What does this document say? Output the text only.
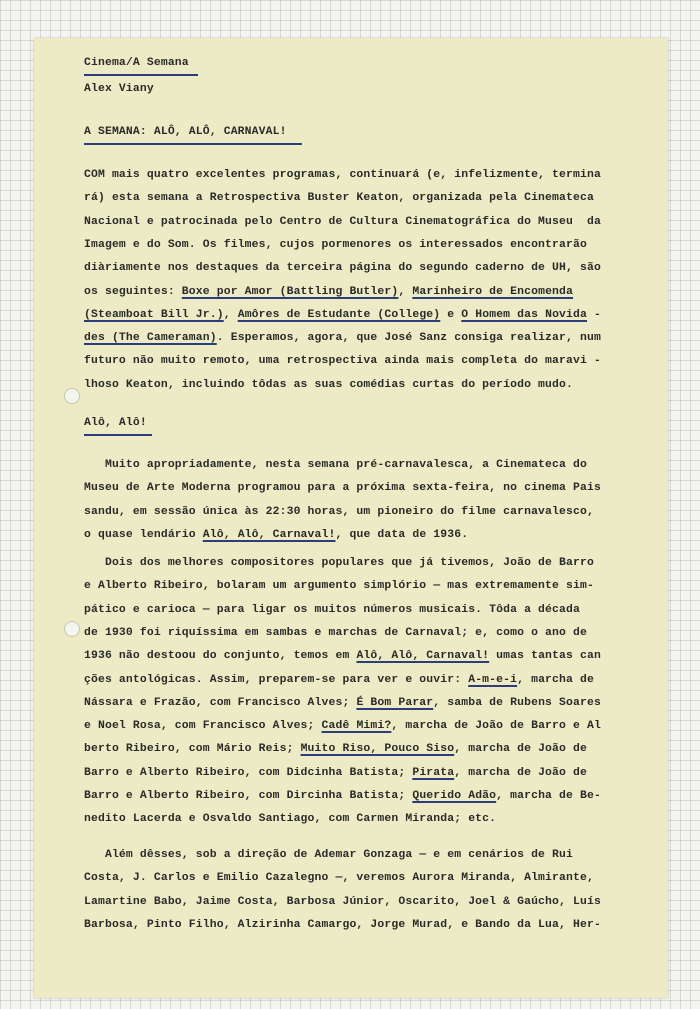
Cinema/A Semana
Alex Viany
A SEMANA: ALÔ, ALÔ, CARNAVAL!
Alô, Alô!
COM mais quatro excelentes programas, continuará (e, infelizmente, termina
rá) esta semana a Retrospectiva Buster Keaton, organizada pela Cinemateca
Nacional e patrocinada pelo Centro de Cultura Cinematográfica do Museu  da
Imagem e do Som. Os filmes, cujos pormenores os interessados encontrarão
diàriamente nos destaques da terceira página do segundo caderno de UH, são
os seguintes: Boxe por Amor (Battling Butler), Marinheiro de Encomenda
(Steamboat Bill Jr.), Amôres de Estudante (College) e O Homem das Novida -
des (The Cameraman). Esperamos, agora, que José Sanz consiga realizar, num
futuro não muito remoto, uma retrospectiva ainda mais completa do maravi -
lhoso Keaton, incluindo tôdas as suas comédias curtas do período mudo.
Muito apropriadamente, nesta semana pré-carnavalesca, a Cinemateca do
Museu de Arte Moderna programou para a próxima sexta-feira, no cinema Pais
sandu, em sessão única às 22:30 horas, um pioneiro do filme carnavalesco,
o quase lendário Alô, Alô, Carnaval!, que data de 1936.
Dois dos melhores compositores populares que já tivemos, João de Barro
e Alberto Ribeiro, bolaram um argumento simplório — mas extremamente sim-
pático e carioca — para ligar os muitos números musicais. Tôda a década
de 1930 foi riquíssima em sambas e marchas de Carnaval; e, como o ano de
1936 não destoou do conjunto, temos em Alô, Alô, Carnaval! umas tantas can
ções antológicas. Assim, preparem-se para ver e ouvir: A-m-e-i, marcha de
Nássara e Frazão, com Francisco Alves; É Bom Parar, samba de Rubens Soares
e Noel Rosa, com Francisco Alves; Cadê Mimi?, marcha de João de Barro e Al
berto Ribeiro, com Mário Reis; Muito Riso, Pouco Siso, marcha de João de
Barro e Alberto Ribeiro, com Didcinha Batista; Pirata, marcha de João de
Barro e Alberto Ribeiro, com Dircinha Batista; Querido Adão, marcha de Be-
nedito Lacerda e Osvaldo Santiago, com Carmen Miranda; etc.
Além dêsses, sob a direção de Ademar Gonzaga — e em cenários de Rui
Costa, J. Carlos e Emilio Cazalegno —, veremos Aurora Miranda, Almirante,
Lamartine Babo, Jaime Costa, Barbosa Júnior, Oscarito, Joel & Gaúcho, Luís
Barbosa, Pinto Filho, Alzirinha Camargo, Jorge Murad, e Bando da Lua, Her-
